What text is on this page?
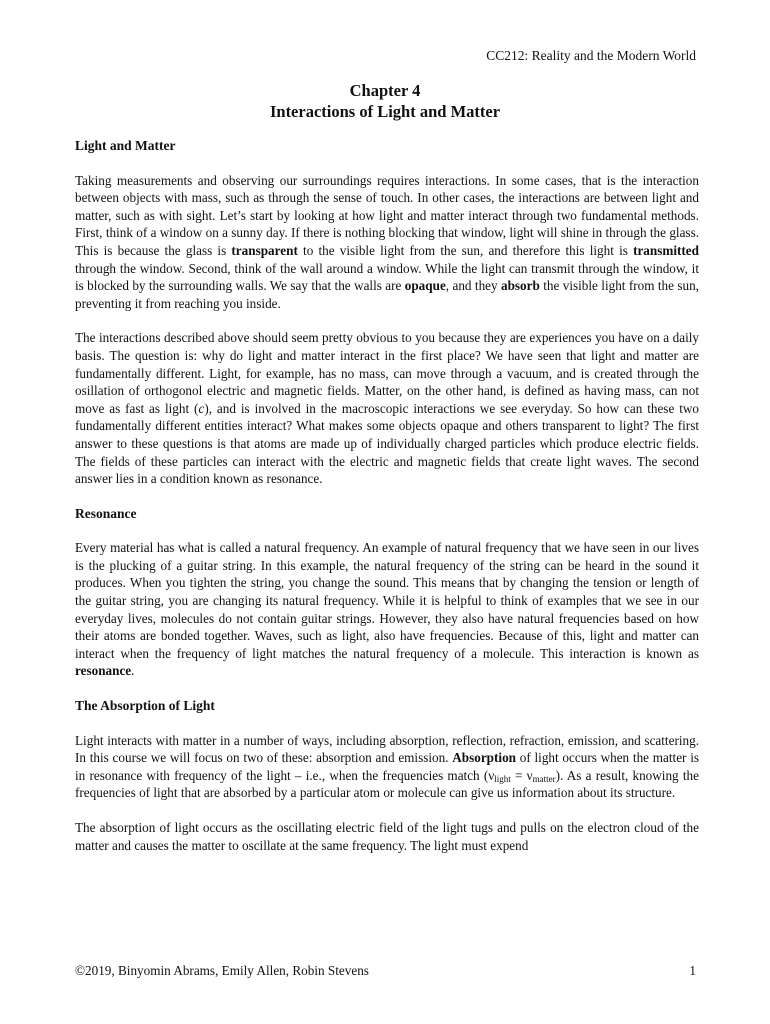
CC212: Reality and the Modern World
Chapter 4
Interactions of Light and Matter
Light and Matter

Taking measurements and observing our surroundings requires interactions. In some cases, that is the interaction between objects with mass, such as through the sense of touch. In other cases, the interactions are between light and matter, such as with sight. Let’s start by looking at how light and matter interact through two fundamental methods. First, think of a window on a sunny day. If there is nothing blocking that window, light will shine in through the glass. This is because the glass is transparent to the visible light from the sun, and therefore this light is transmitted through the window. Second, think of the wall around a window. While the light can transmit through the window, it is blocked by the surrounding walls. We say that the walls are opaque, and they absorb the visible light from the sun, preventing it from reaching you inside.

The interactions described above should seem pretty obvious to you because they are experiences you have on a daily basis. The question is: why do light and matter interact in the first place? We have seen that light and matter are fundamentally different. Light, for example, has no mass, can move through a vacuum, and is created through the osillation of orthogonol electric and magnetic fields. Matter, on the other hand, is defined as having mass, can not move as fast as light (c), and is involved in the macroscopic interactions we see everyday. So how can these two fundamentally different entities interact? What makes some objects opaque and others transparent to light? The first answer to these questions is that atoms are made up of individually charged particles which produce electric fields. The fields of these particles can interact with the electric and magnetic fields that create light waves. The second answer lies in a condition known as resonance.

Resonance

Every material has what is called a natural frequency. An example of natural frequency that we have seen in our lives is the plucking of a guitar string. In this example, the natural frequency of the string can be heard in the sound it produces. When you tighten the string, you change the sound. This means that by changing the tension or length of the guitar string, you are changing its natural frequency. While it is helpful to think of examples that we see in our everyday lives, molecules do not contain guitar strings. However, they also have natural frequencies based on how their atoms are bonded together. Waves, such as light, also have frequencies. Because of this, light and matter can interact when the frequency of light matches the natural frequency of a molecule. This interaction is known as resonance.

The Absorption of Light

Light interacts with matter in a number of ways, including absorption, reflection, refraction, emission, and scattering. In this course we will focus on two of these: absorption and emission. Absorption of light occurs when the matter is in resonance with frequency of the light – i.e., when the frequencies match $(\nu_{light} = \nu_{matter})$. As a result, knowing the frequencies of light that are absorbed by a particular atom or molecule can give us information about its structure.

The absorption of light occurs as the oscillating electric field of the light tugs and pulls on the electron cloud of the matter and causes the matter to oscillate at the same frequency. The light must expend

©2019, Binyomin Abrams, Emily Allen, Robin Stevens	1
